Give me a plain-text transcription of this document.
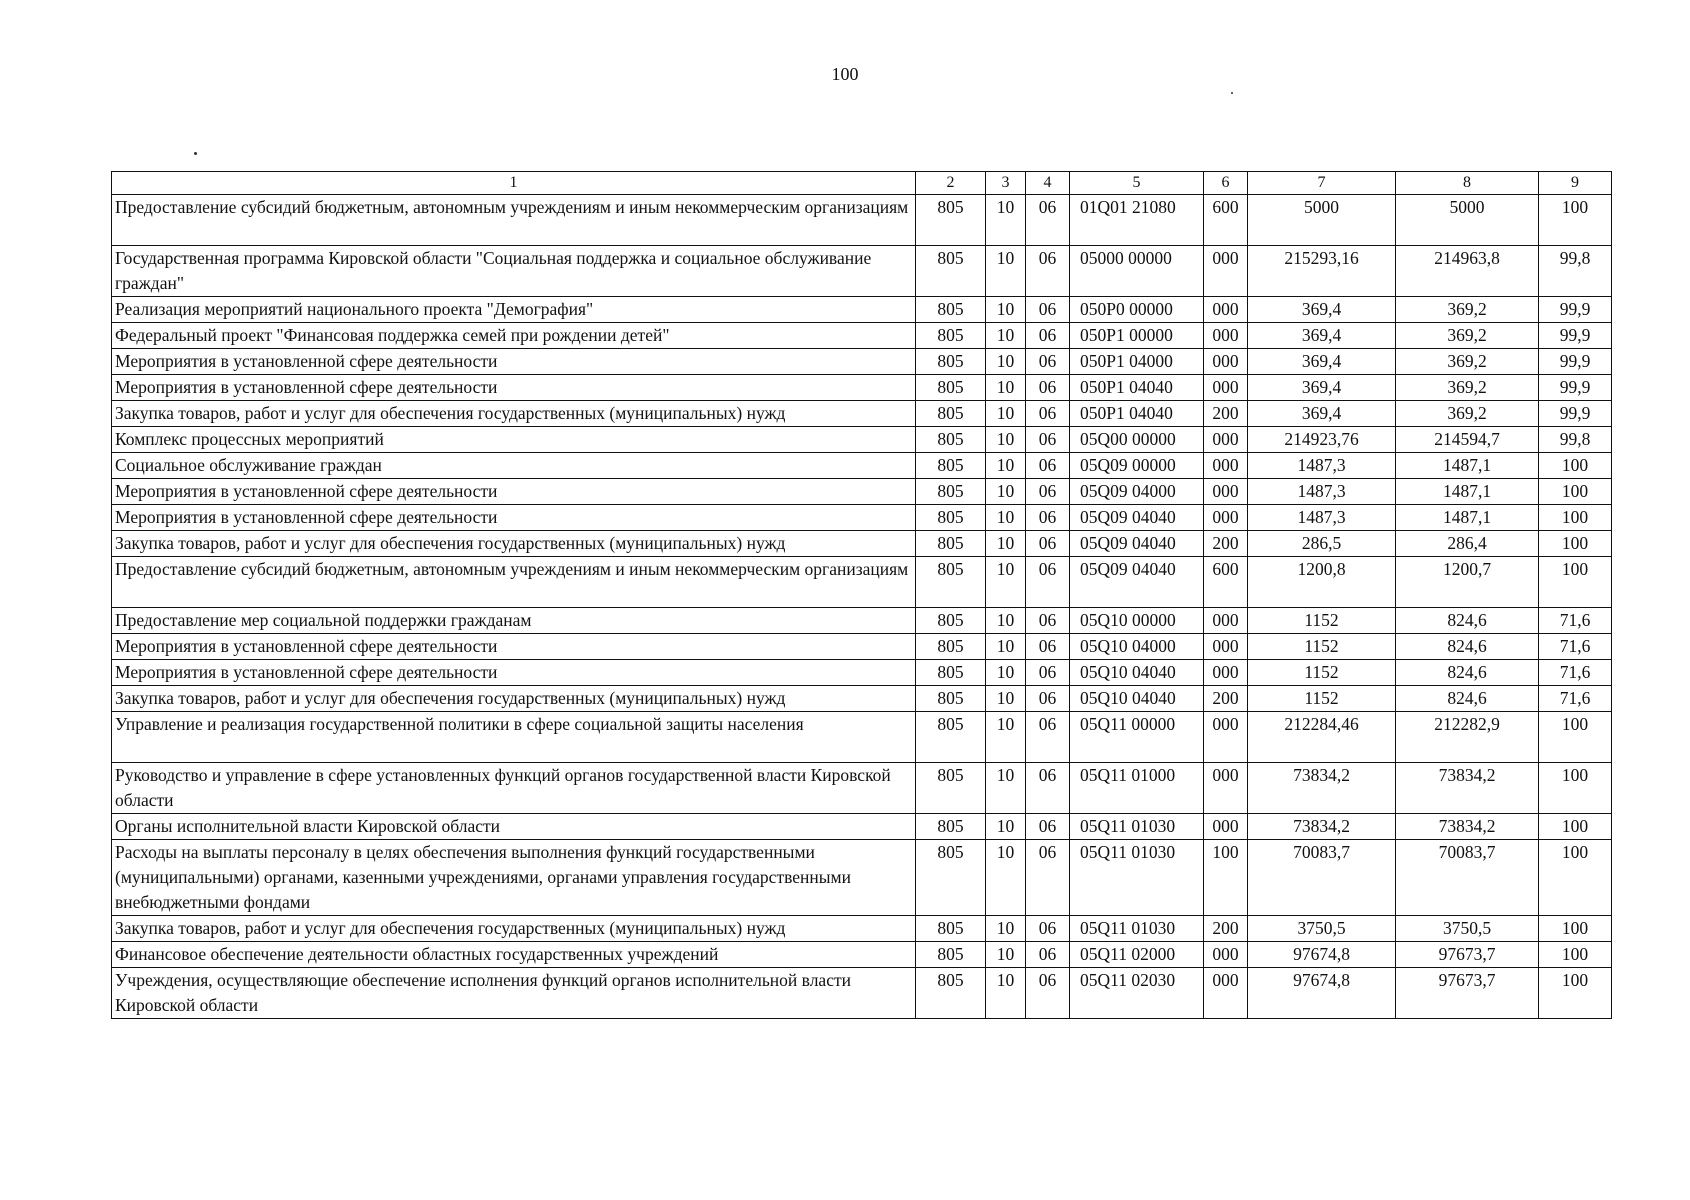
100
1	2	3	4	5	6	7	8	9
Предоставление субсидий бюджетным, автономным учреждениям и иным некоммерческим организациям	805	10	06	01Q01 21080	600	5000	5000	100
Государственная программа Кировской области "Социальная поддержка и социальное обслуживание граждан"	805	10	06	05000 00000	000	215293,16	214963,8	99,8
Реализация мероприятий национального проекта "Демография"	805	10	06	050P0 00000	000	369,4	369,2	99,9
Федеральный проект "Финансовая поддержка семей при рождении детей"	805	10	06	050P1 00000	000	369,4	369,2	99,9
Мероприятия в установленной сфере деятельности	805	10	06	050P1 04000	000	369,4	369,2	99,9
Мероприятия в установленной сфере деятельности	805	10	06	050P1 04040	000	369,4	369,2	99,9
Закупка товаров, работ и услуг для обеспечения государственных (муниципальных) нужд	805	10	06	050P1 04040	200	369,4	369,2	99,9
Комплекс процессных мероприятий	805	10	06	05Q00 00000	000	214923,76	214594,7	99,8
Социальное обслуживание граждан	805	10	06	05Q09 00000	000	1487,3	1487,1	100
Мероприятия в установленной сфере деятельности	805	10	06	05Q09 04000	000	1487,3	1487,1	100
Мероприятия в установленной сфере деятельности	805	10	06	05Q09 04040	000	1487,3	1487,1	100
Закупка товаров, работ и услуг для обеспечения государственных (муниципальных) нужд	805	10	06	05Q09 04040	200	286,5	286,4	100
Предоставление субсидий бюджетным, автономным учреждениям и иным некоммерческим организациям	805	10	06	05Q09 04040	600	1200,8	1200,7	100
Предоставление мер социальной поддержки гражданам	805	10	06	05Q10 00000	000	1152	824,6	71,6
Мероприятия в установленной сфере деятельности	805	10	06	05Q10 04000	000	1152	824,6	71,6
Мероприятия в установленной сфере деятельности	805	10	06	05Q10 04040	000	1152	824,6	71,6
Закупка товаров, работ и услуг для обеспечения государственных (муниципальных) нужд	805	10	06	05Q10 04040	200	1152	824,6	71,6
Управление и реализация государственной политики в сфере социальной защиты населения	805	10	06	05Q11 00000	000	212284,46	212282,9	100
Руководство и управление в сфере установленных функций органов государственной власти Кировской области	805	10	06	05Q11 01000	000	73834,2	73834,2	100
Органы исполнительной власти Кировской области	805	10	06	05Q11 01030	000	73834,2	73834,2	100
Расходы на выплаты персоналу в целях обеспечения выполнения функций государственными (муниципальными) органами, казенными учреждениями, органами управления государственными внебюджетными фондами	805	10	06	05Q11 01030	100	70083,7	70083,7	100
Закупка товаров, работ и услуг для обеспечения государственных (муниципальных) нужд	805	10	06	05Q11 01030	200	3750,5	3750,5	100
Финансовое обеспечение деятельности областных государственных учреждений	805	10	06	05Q11 02000	000	97674,8	97673,7	100
Учреждения, осуществляющие обеспечение исполнения функций органов исполнительной власти Кировской области	805	10	06	05Q11 02030	000	97674,8	97673,7	100
